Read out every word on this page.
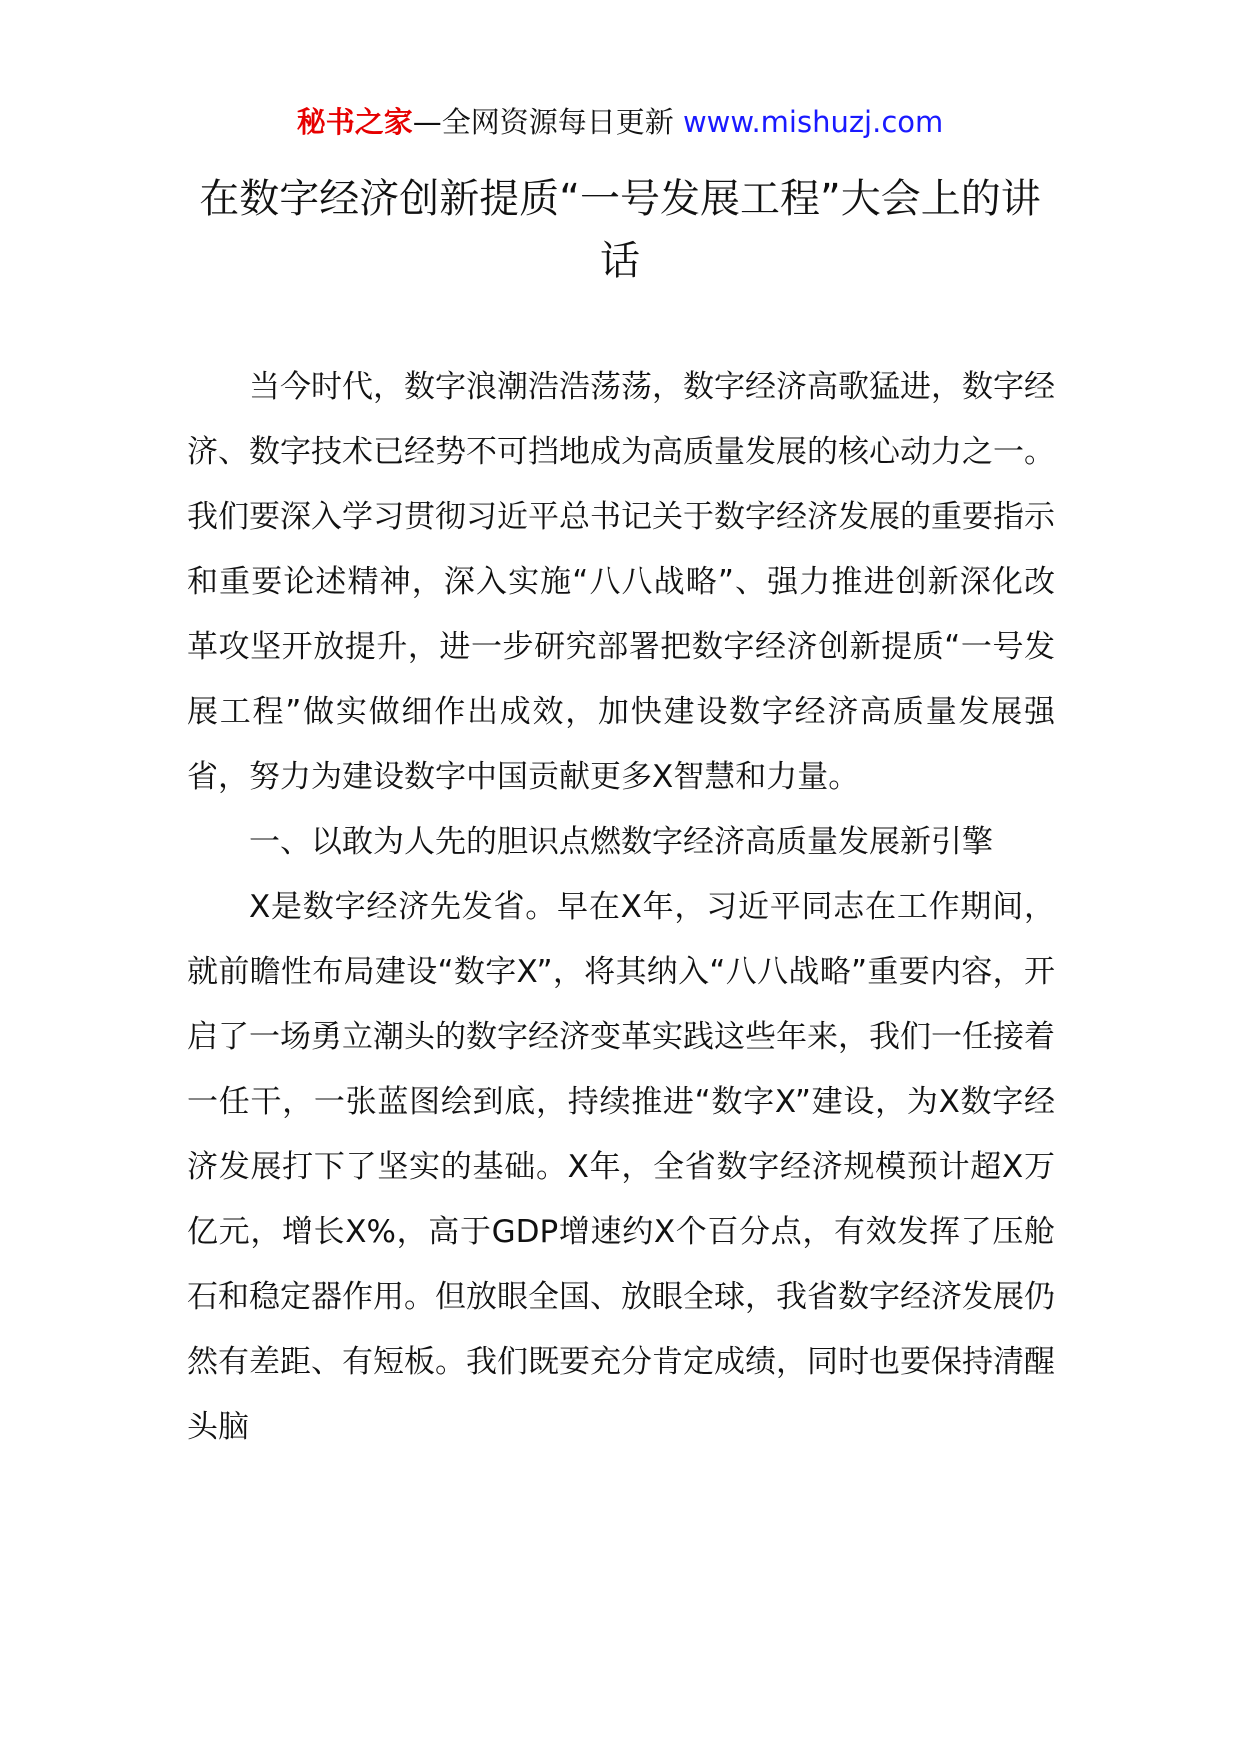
秘书之家—全网资源每日更新 www.mishuzj.com
在数字经济创新提质“一号发展工程”大会上的讲话

当今时代，数字浪潮浩浩荡荡，数字经济高歌猛进，数字经济、数字技术已经势不可挡地成为高质量发展的核心动力之一。我们要深入学习贯彻习近平总书记关于数字经济发展的重要指示和重要论述精神，深入实施“八八战略”、强力推进创新深化改革攻坚开放提升，进一步研究部署把数字经济创新提质“一号发展工程”做实做细作出成效，加快建设数字经济高质量发展强省，努力为建设数字中国贡献更多X智慧和力量。

一、以敢为人先的胆识点燃数字经济高质量发展新引擎

X是数字经济先发省。早在X年，习近平同志在工作期间，就前瞻性布局建设“数字X”，将其纳入“八八战略”重要内容，开启了一场勇立潮头的数字经济变革实践这些年来，我们一任接着一任干，一张蓝图绘到底，持续推进“数字X”建设，为X数字经济发展打下了坚实的基础。X年，全省数字经济规模预计超X万亿元，增长X%，高于GDP增速约X个百分点，有效发挥了压舱石和稳定器作用。但放眼全国、放眼全球，我省数字经济发展仍然有差距、有短板。我们既要充分肯定成绩，同时也要保持清醒头脑
